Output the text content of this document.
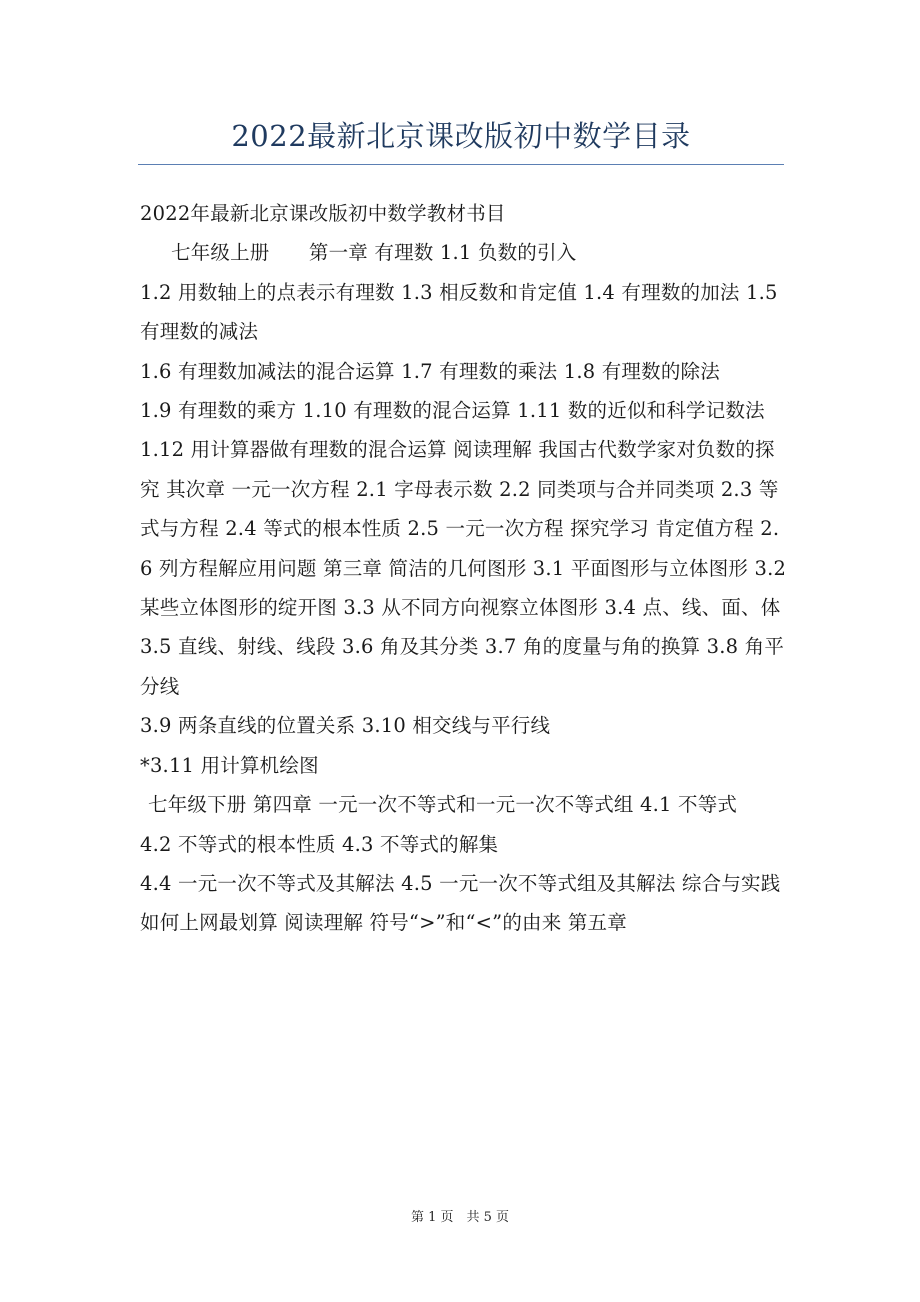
2022最新北京课改版初中数学目录

2022年最新北京课改版初中数学教材书目

七年级上册　　第一章 有理数 1.1 负数的引入

1.2 用数轴上的点表示有理数 1.3 相反数和肯定值 1.4 有理数的加法 1.5 有理数的减法

1.6 有理数加减法的混合运算 1.7 有理数的乘法 1.8 有理数的除法

1.9 有理数的乘方 1.10 有理数的混合运算 1.11 数的近似和科学记数法 1.12 用计算器做有理数的混合运算 阅读理解 我国古代数学家对负数的探究 其次章 一元一次方程 2.1 字母表示数 2.2 同类项与合并同类项 2.3 等式与方程 2.4 等式的根本性质 2.5 一元一次方程 探究学习 肯定值方程 2.6 列方程解应用问题 第三章 简洁的几何图形 3.1 平面图形与立体图形 3.2 某些立体图形的绽开图 3.3 从不同方向视察立体图形 3.4 点、线、面、体 3.5 直线、射线、线段 3.6 角及其分类 3.7 角的度量与角的换算 3.8 角平分线

3.9 两条直线的位置关系 3.10 相交线与平行线

*3.11 用计算机绘图

七年级下册 第四章 一元一次不等式和一元一次不等式组 4.1 不等式

4.2 不等式的根本性质 4.3 不等式的解集

4.4 一元一次不等式及其解法 4.5 一元一次不等式组及其解法 综合与实践 如何上网最划算 阅读理解 符号“>”和“<”的由来 第五章

第 1 页　共 5 页
